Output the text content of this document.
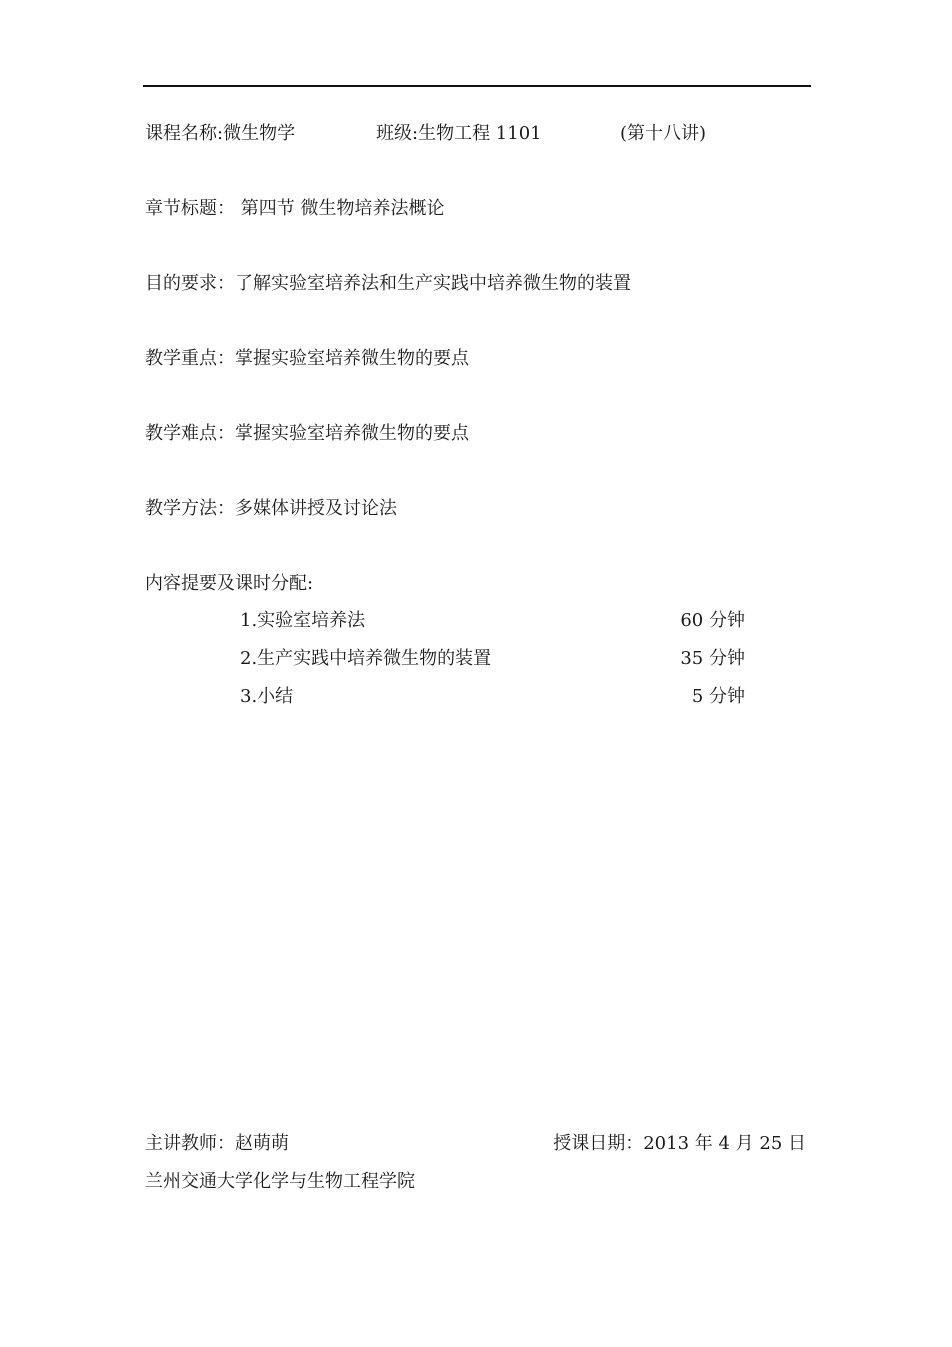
课程名称:微生物学	班级:生物工程 1101	(第十八讲)
章节标题： 第四节 微生物培养法概论
目的要求：了解实验室培养法和生产实践中培养微生物的装置
教学重点：掌握实验室培养微生物的要点
教学难点：掌握实验室培养微生物的要点
教学方法：多媒体讲授及讨论法
内容提要及课时分配:
1.实验室培养法	60 分钟
2.生产实践中培养微生物的装置	35 分钟
3.小结	5 分钟
主讲教师：赵萌萌	授课日期：2013 年 4 月 25 日
兰州交通大学化学与生物工程学院
